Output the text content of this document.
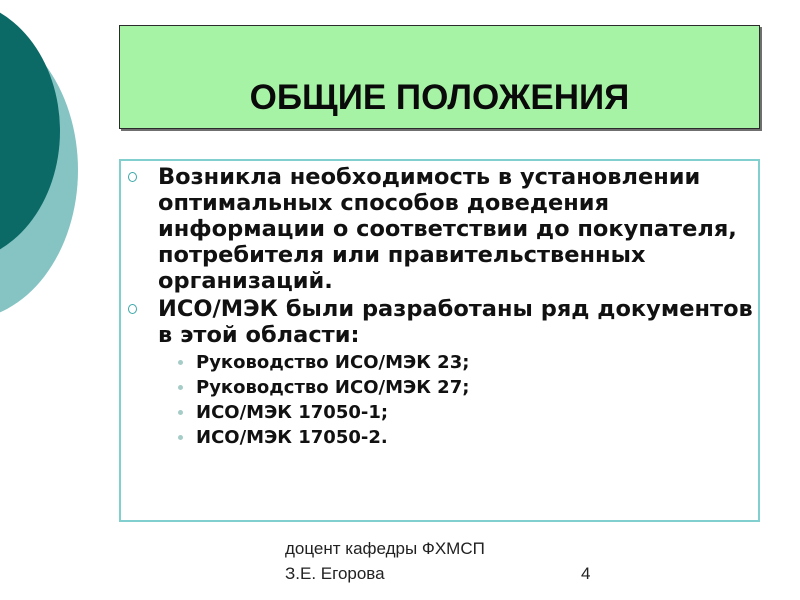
ОБЩИЕ ПОЛОЖЕНИЯ
Возникла необходимость в установлении оптимальных способов доведения информации о соответствии до покупателя, потребителя или правительственных организаций.
ИСО/МЭК были разработаны ряд документов в этой области:
Руководство ИСО/МЭК 23;
Руководство ИСО/МЭК 27;
ИСО/МЭК 17050-1;
ИСО/МЭК 17050-2.
доцент кафедры ФХМСП
З.Е. Егорова	4
